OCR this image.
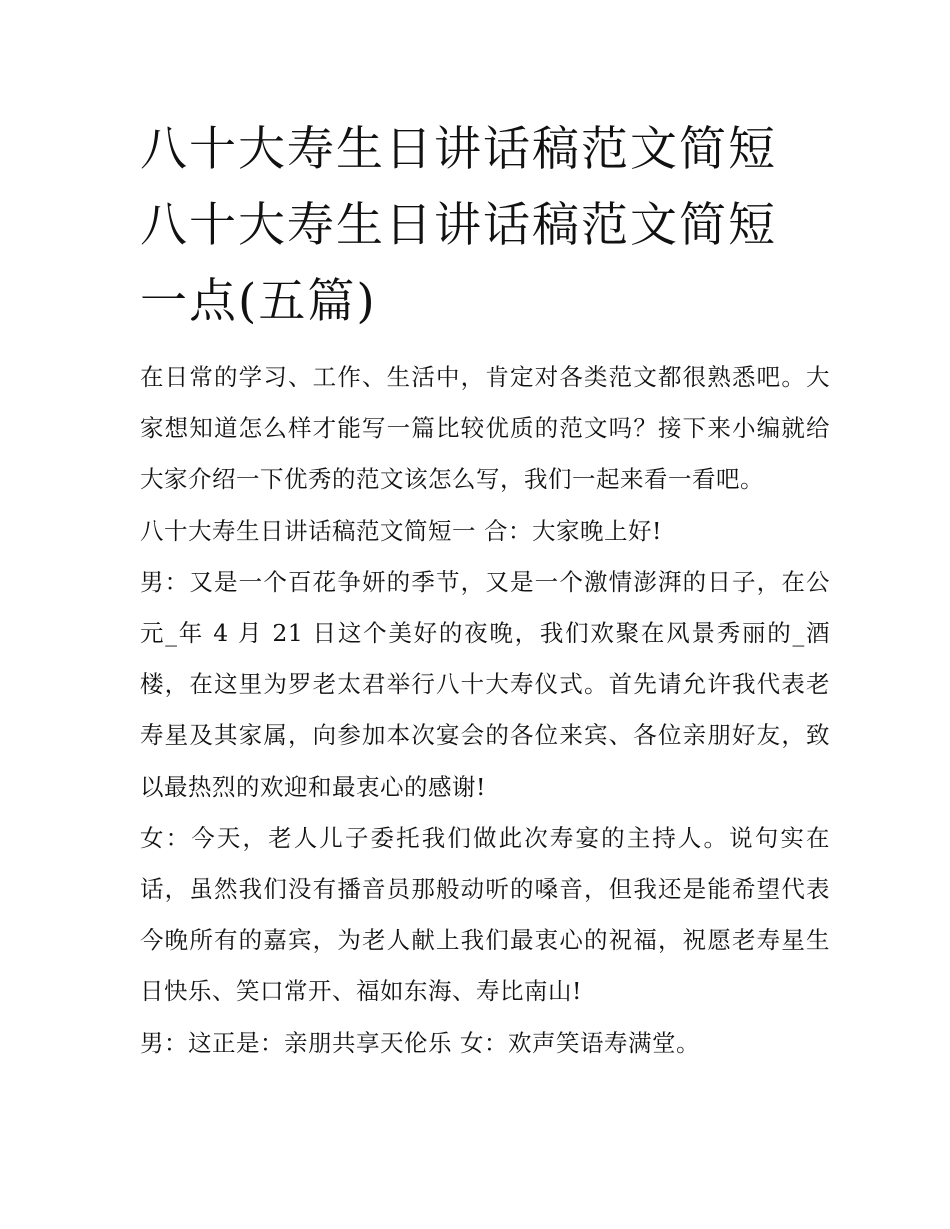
八十大寿生日讲话稿范文简短
八十大寿生日讲话稿范文简短
一点(五篇)

在日常的学习、工作、生活中，肯定对各类范文都很熟悉吧。大家想知道怎么样才能写一篇比较优质的范文吗？接下来小编就给大家介绍一下优秀的范文该怎么写，我们一起来看一看吧。

八十大寿生日讲话稿范文简短一 合：大家晚上好!

男：又是一个百花争妍的季节，又是一个激情澎湃的日子，在公元_年 4 月 21 日这个美好的夜晚，我们欢聚在风景秀丽的_酒楼，在这里为罗老太君举行八十大寿仪式。首先请允许我代表老寿星及其家属，向参加本次宴会的各位来宾、各位亲朋好友，致以最热烈的欢迎和最衷心的感谢!

女：今天，老人儿子委托我们做此次寿宴的主持人。说句实在话，虽然我们没有播音员那般动听的嗓音，但我还是能希望代表今晚所有的嘉宾，为老人献上我们最衷心的祝福，祝愿老寿星生日快乐、笑口常开、福如东海、寿比南山!

男：这正是：亲朋共享天伦乐 女：欢声笑语寿满堂。
